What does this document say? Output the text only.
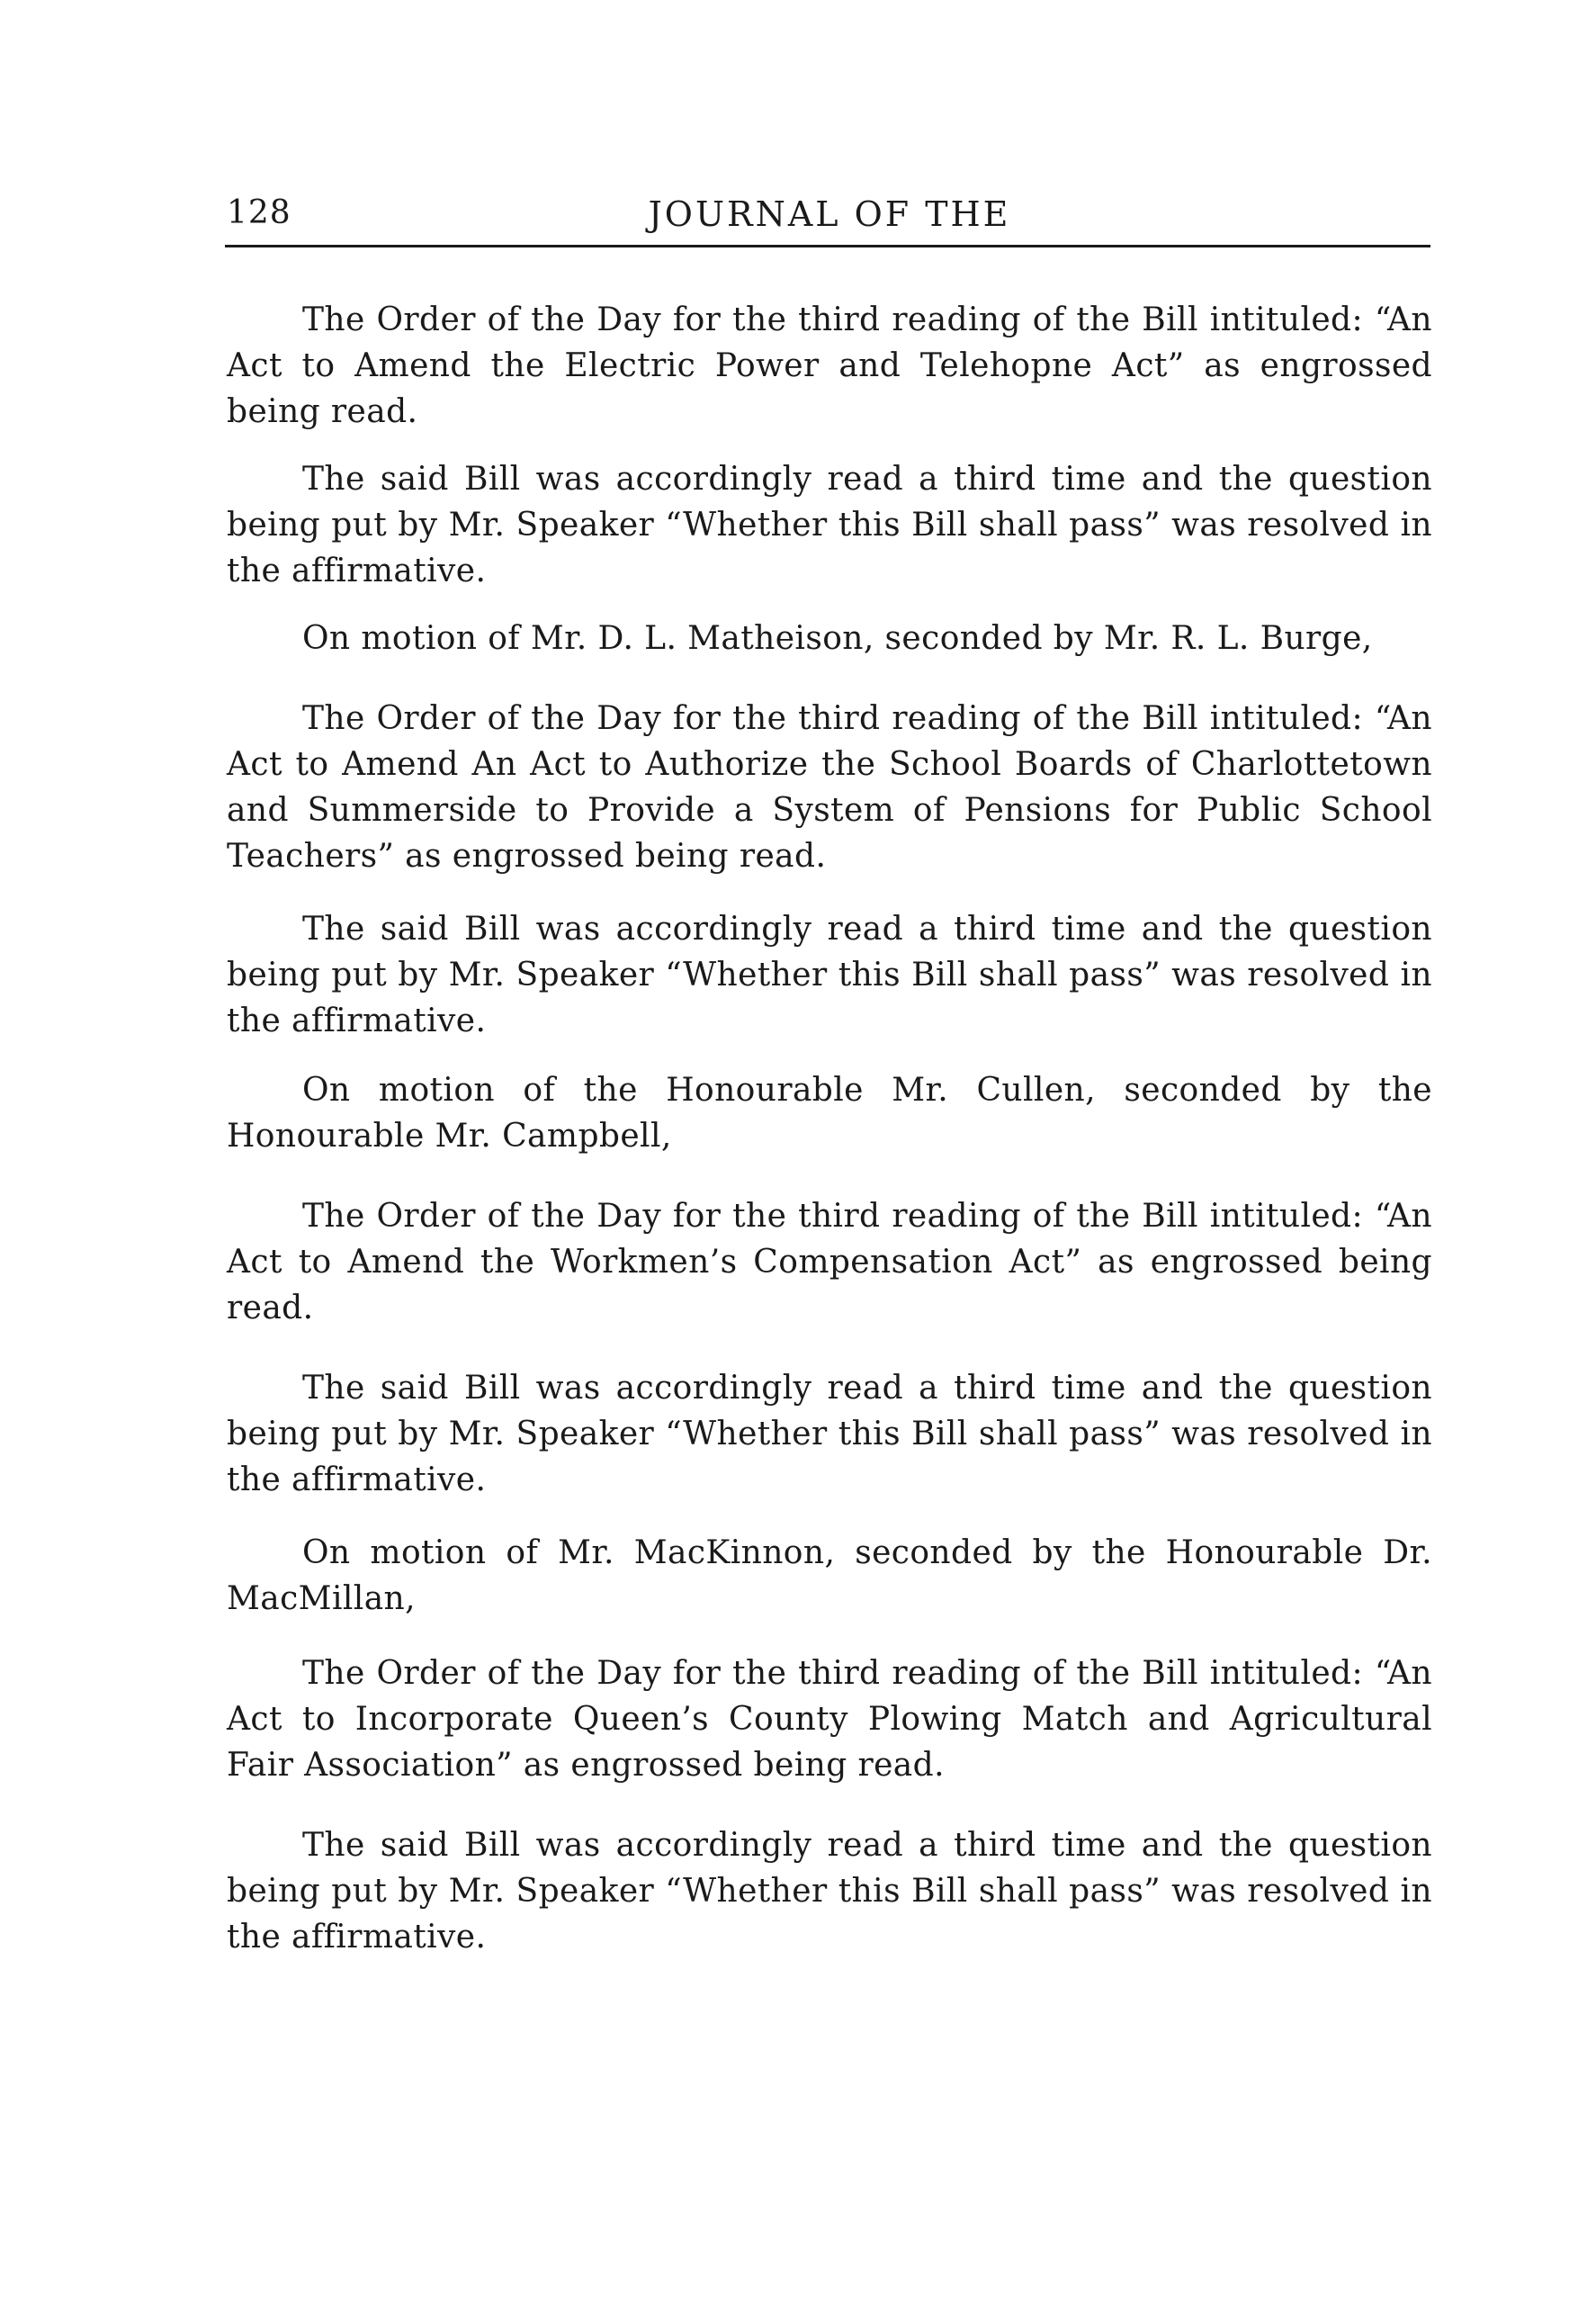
128	JOURNAL OF THE

The Order of the Day for the third reading of the Bill intituled: “An Act to Amend the Electric Power and Telehopne Act” as engrossed being read.

The said Bill was accordingly read a third time and the question being put by Mr. Speaker “Whether this Bill shall pass” was resolved in the affirmative.

On motion of Mr. D. L. Matheison, seconded by Mr. R. L. Burge,

The Order of the Day for the third reading of the Bill intituled: “An Act to Amend An Act to Authorize the School Boards of Charlottetown and Summerside to Provide a System of Pensions for Public School Teachers” as engrossed being read.

The said Bill was accordingly read a third time and the question being put by Mr. Speaker “Whether this Bill shall pass” was resolved in the affirmative.

On motion of the Honourable Mr. Cullen, seconded by the Honourable Mr. Campbell,

The Order of the Day for the third reading of the Bill intituled: “An Act to Amend the Workmen’s Compensation Act” as engrossed being read.

The said Bill was accordingly read a third time and the question being put by Mr. Speaker “Whether this Bill shall pass” was resolved in the affirmative.

On motion of Mr. MacKinnon, seconded by the Honourable Dr. MacMillan,

The Order of the Day for the third reading of the Bill intituled: “An Act to Incorporate Queen’s County Plowing Match and Agricultural Fair Association” as engrossed being read.

The said Bill was accordingly read a third time and the question being put by Mr. Speaker “Whether this Bill shall pass” was resolved in the affirmative.
